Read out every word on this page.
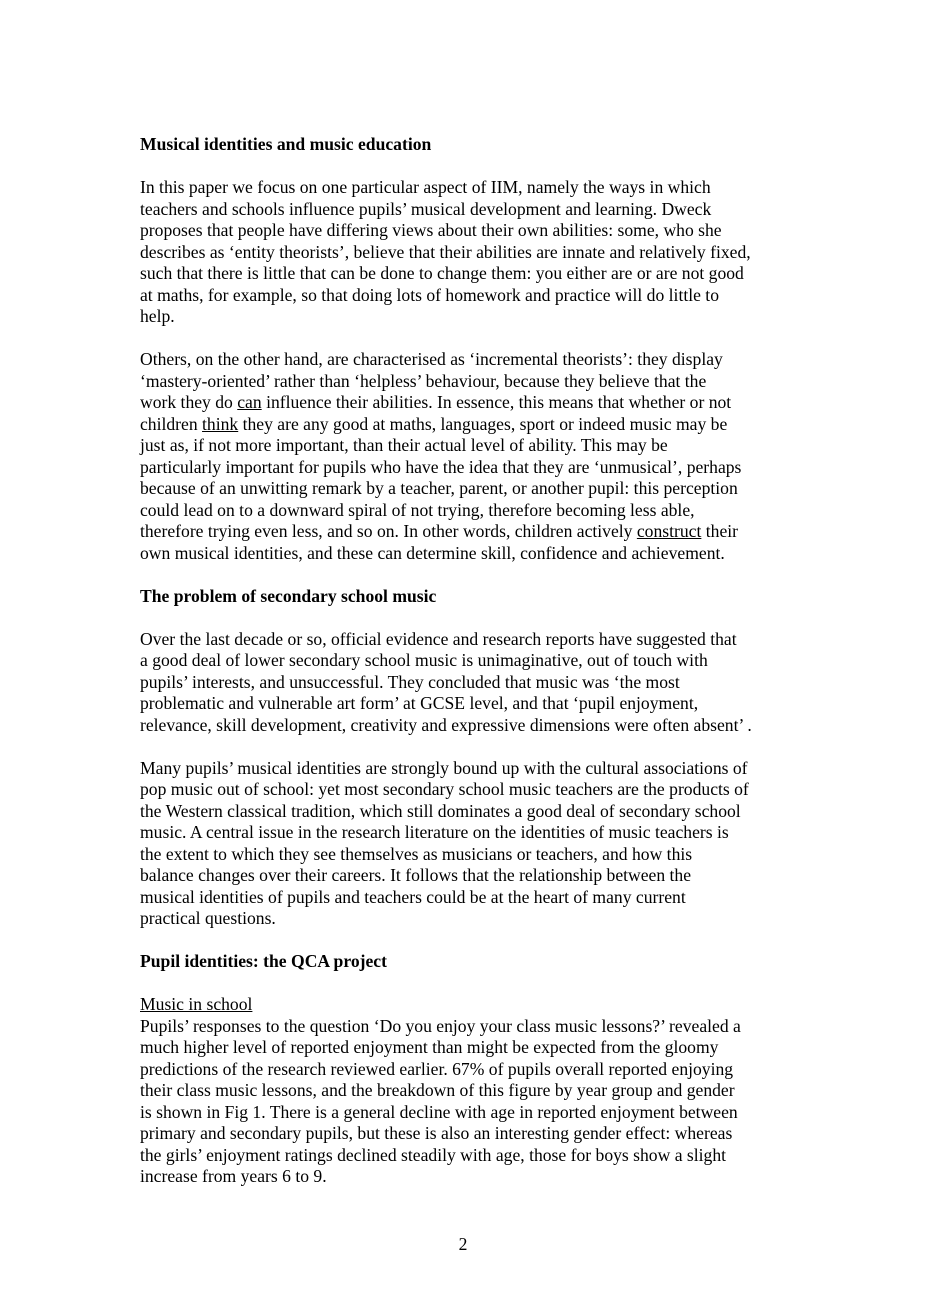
Musical identities and music education
In this paper we focus on one particular aspect of IIM, namely the ways in which
teachers and schools influence pupils’ musical development and learning. Dweck
proposes that people have differing views about their own abilities: some, who she
describes as ‘entity theorists’, believe that their abilities are innate and relatively fixed,
such that there is little that can be done to change them: you either are or are not good
at maths, for example, so that doing lots of homework and practice will do little to
help.
Others, on the other hand, are characterised as ‘incremental theorists’: they display
‘mastery-oriented’ rather than ‘helpless’ behaviour, because they believe that the
work they do can influence their abilities. In essence, this means that whether or not
children think they are any good at maths, languages, sport or indeed music may be
just as, if not more important, than their actual level of ability. This may be
particularly important for pupils who have the idea that they are ‘unmusical’, perhaps
because of an unwitting remark by a teacher, parent, or another pupil: this perception
could lead on to a downward spiral of not trying, therefore becoming less able,
therefore trying even less, and so on. In other words, children actively construct their
own musical identities, and these can determine skill, confidence and achievement.
The problem of secondary school music
Over the last decade or so, official evidence and research reports have suggested that
a good deal of lower secondary school music is unimaginative, out of touch with
pupils’ interests, and unsuccessful. They concluded that music was ‘the most
problematic and vulnerable art form’ at GCSE level, and that ‘pupil enjoyment,
relevance, skill development, creativity and expressive dimensions were often absent’ .
Many pupils’ musical identities are strongly bound up with the cultural associations of
pop music out of school: yet most secondary school music teachers are the products of
the Western classical tradition, which still dominates a good deal of secondary school
music. A central issue in the research literature on the identities of music teachers is
the extent to which they see themselves as musicians or teachers, and how this
balance changes over their careers. It follows that the relationship between the
musical identities of pupils and teachers could be at the heart of many current
practical questions.
Pupil identities: the QCA project
Music in school
Pupils’ responses to the question ‘Do you enjoy your class music lessons?’ revealed a
much higher level of reported enjoyment than might be expected from the gloomy
predictions of the research reviewed earlier. 67% of pupils overall reported enjoying
their class music lessons, and the breakdown of this figure by year group and gender
is shown in Fig 1. There is a general decline with age in reported enjoyment between
primary and secondary pupils, but these is also an interesting gender effect: whereas
the girls’ enjoyment ratings declined steadily with age, those for boys show a slight
increase from years 6 to 9.
2
